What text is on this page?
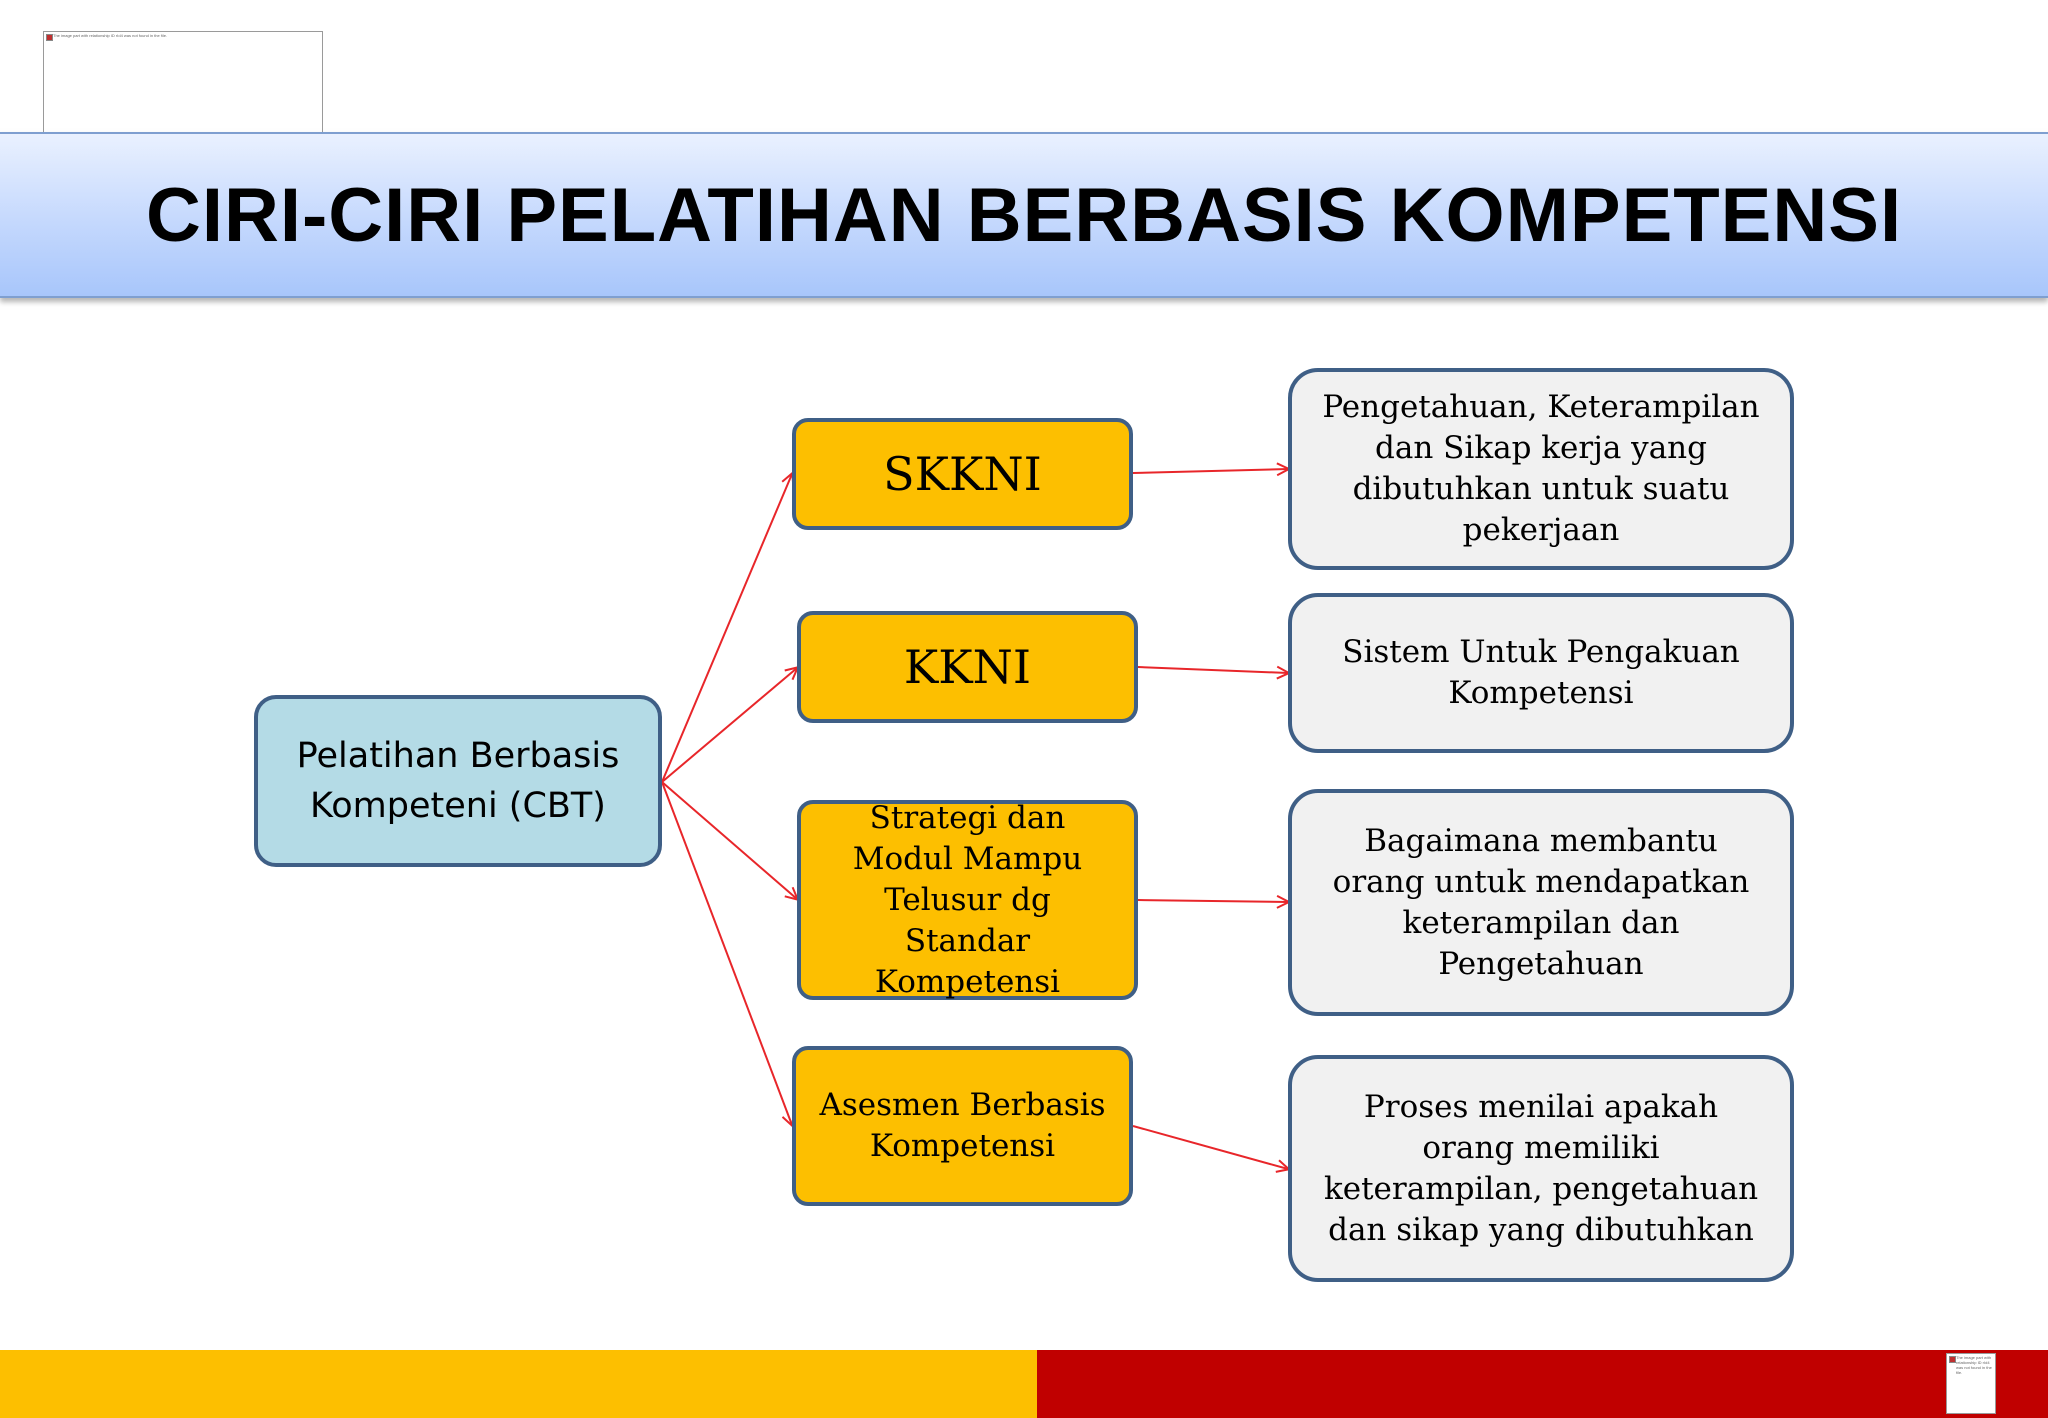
The image part with relationship ID rId4 was not found in the file.
CIRI-CIRI PELATIHAN BERBASIS KOMPETENSI
Pelatihan Berbasis Kompeteni (CBT)
SKKNI
KKNI
Strategi dan Modul Mampu Telusur dg Standar Kompetensi
Asesmen Berbasis Kompetensi
Pengetahuan, Keterampilan dan Sikap kerja yang dibutuhkan untuk suatu pekerjaan
Sistem Untuk Pengakuan Kompetensi
Bagaimana membantu orang untuk mendapatkan keterampilan dan Pengetahuan
Proses menilai apakah orang memiliki keterampilan, pengetahuan dan sikap yang dibutuhkan
The image part with relationship ID rId4 was not found in the file.
